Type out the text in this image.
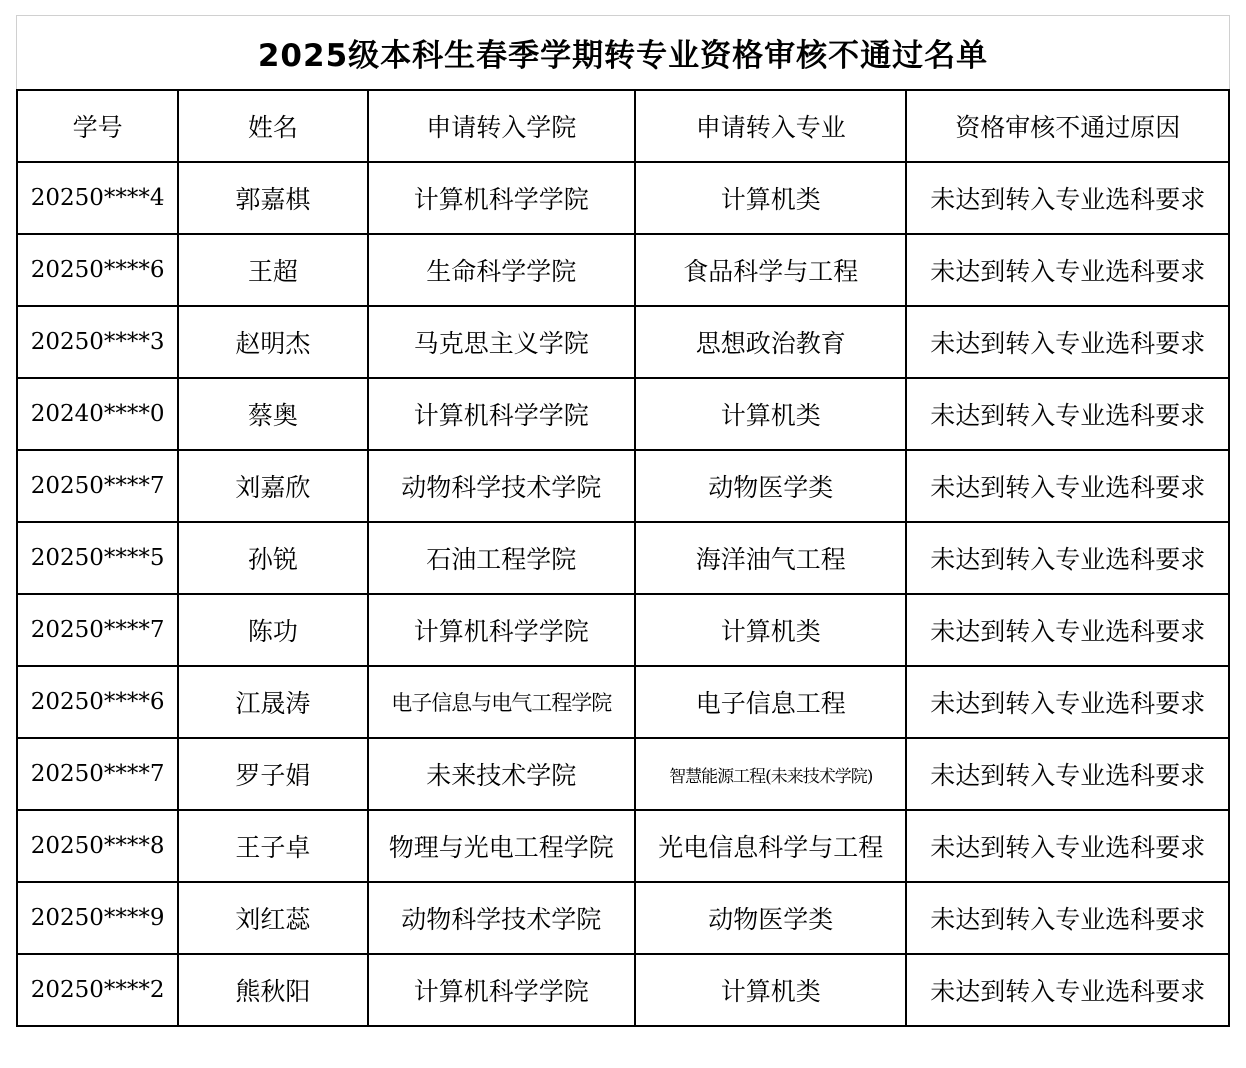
2025级本科生春季学期转专业资格审核不通过名单
学号	姓名	申请转入学院	申请转入专业	资格审核不通过原因
20250****4	郭嘉棋	计算机科学学院	计算机类	未达到转入专业选科要求
20250****6	王超	生命科学学院	食品科学与工程	未达到转入专业选科要求
20250****3	赵明杰	马克思主义学院	思想政治教育	未达到转入专业选科要求
20240****0	蔡奥	计算机科学学院	计算机类	未达到转入专业选科要求
20250****7	刘嘉欣	动物科学技术学院	动物医学类	未达到转入专业选科要求
20250****5	孙锐	石油工程学院	海洋油气工程	未达到转入专业选科要求
20250****7	陈功	计算机科学学院	计算机类	未达到转入专业选科要求
20250****6	江晟涛	电子信息与电气工程学院	电子信息工程	未达到转入专业选科要求
20250****7	罗子娟	未来技术学院	智慧能源工程(未来技术学院)	未达到转入专业选科要求
20250****8	王子卓	物理与光电工程学院	光电信息科学与工程	未达到转入专业选科要求
20250****9	刘红蕊	动物科学技术学院	动物医学类	未达到转入专业选科要求
20250****2	熊秋阳	计算机科学学院	计算机类	未达到转入专业选科要求
